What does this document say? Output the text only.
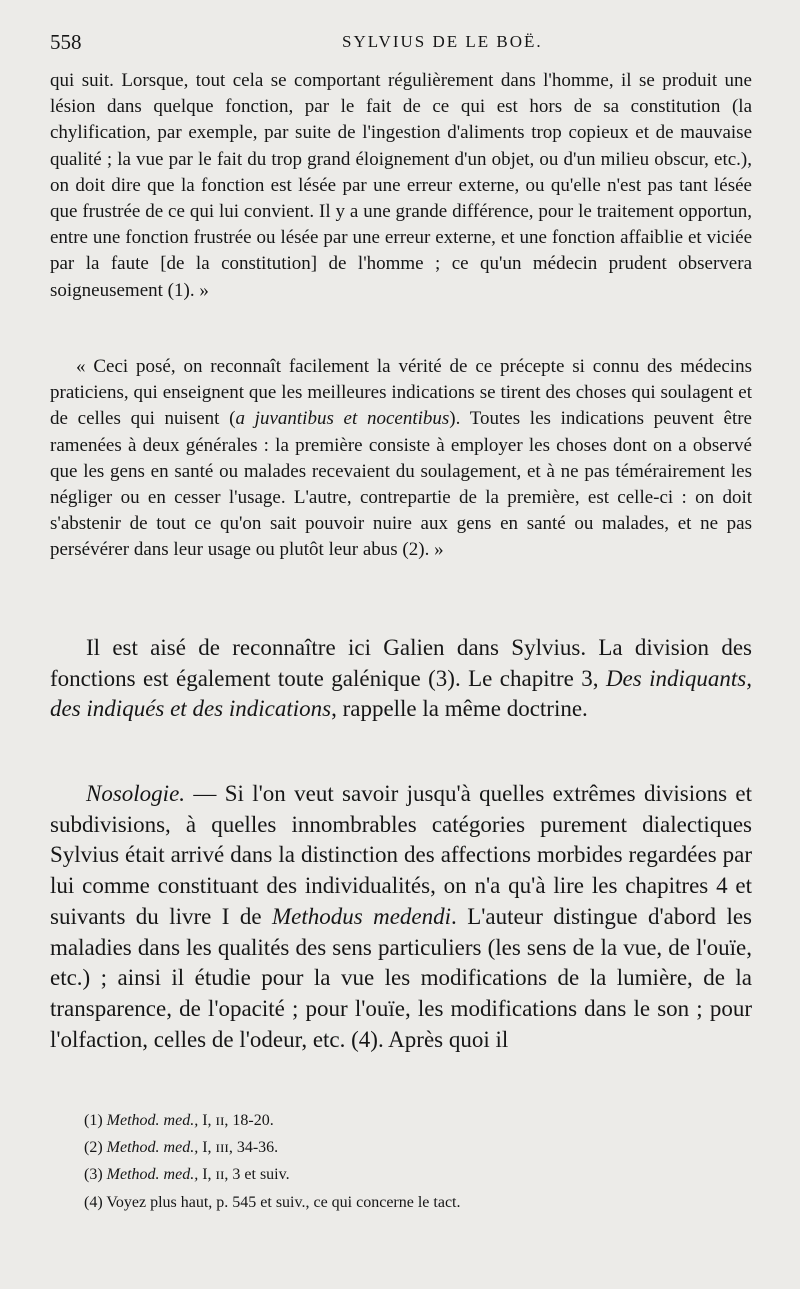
558	SYLVIUS DE LE BOË.

qui suit. Lorsque, tout cela se comportant régulièrement dans l'homme, il se produit une lésion dans quelque fonction, par le fait de ce qui est hors de sa constitution (la chylification, par exemple, par suite de l'ingestion d'aliments trop copieux et de mauvaise qualité ; la vue par le fait du trop grand éloignement d'un objet, ou d'un milieu obscur, etc.), on doit dire que la fonction est lésée par une erreur externe, ou qu'elle n'est pas tant lésée que frustrée de ce qui lui convient. Il y a une grande différence, pour le traitement opportun, entre une fonction frustrée ou lésée par une erreur externe, et une fonction affaiblie et viciée par la faute [de la constitution] de l'homme ; ce qu'un médecin prudent observera soigneusement (1). »

« Ceci posé, on reconnaît facilement la vérité de ce précepte si connu des médecins praticiens, qui enseignent que les meilleures indications se tirent des choses qui soulagent et de celles qui nuisent (a juvantibus et nocentibus). Toutes les indications peuvent être ramenées à deux générales : la première consiste à employer les choses dont on a observé que les gens en santé ou malades recevaient du soulagement, et à ne pas témérairement les négliger ou en cesser l'usage. L'autre, contrepartie de la première, est celle-ci : on doit s'abstenir de tout ce qu'on sait pouvoir nuire aux gens en santé ou malades, et ne pas persévérer dans leur usage ou plutôt leur abus (2). »

Il est aisé de reconnaître ici Galien dans Sylvius. La division des fonctions est également toute galénique (3). Le chapitre 3, Des indiquants, des indiqués et des indications, rappelle la même doctrine.

Nosologie. — Si l'on veut savoir jusqu'à quelles extrêmes divisions et subdivisions, à quelles innombrables catégories purement dialectiques Sylvius était arrivé dans la distinction des affections morbides regardées par lui comme constituant des individualités, on n'a qu'à lire les chapitres 4 et suivants du livre I de Methodus medendi. L'auteur distingue d'abord les maladies dans les qualités des sens particuliers (les sens de la vue, de l'ouïe, etc.) ; ainsi il étudie pour la vue les modifications de la lumière, de la transparence, de l'opacité ; pour l'ouïe, les modifications dans le son ; pour l'olfaction, celles de l'odeur, etc. (4). Après quoi il

(1) Method. med., I, ɪɪ, 18-20.
(2) Method. med., I, ɪɪɪ, 34-36.
(3) Method. med., I, ɪɪ, 3 et suiv.
(4) Voyez plus haut, p. 545 et suiv., ce qui concerne le tact.
